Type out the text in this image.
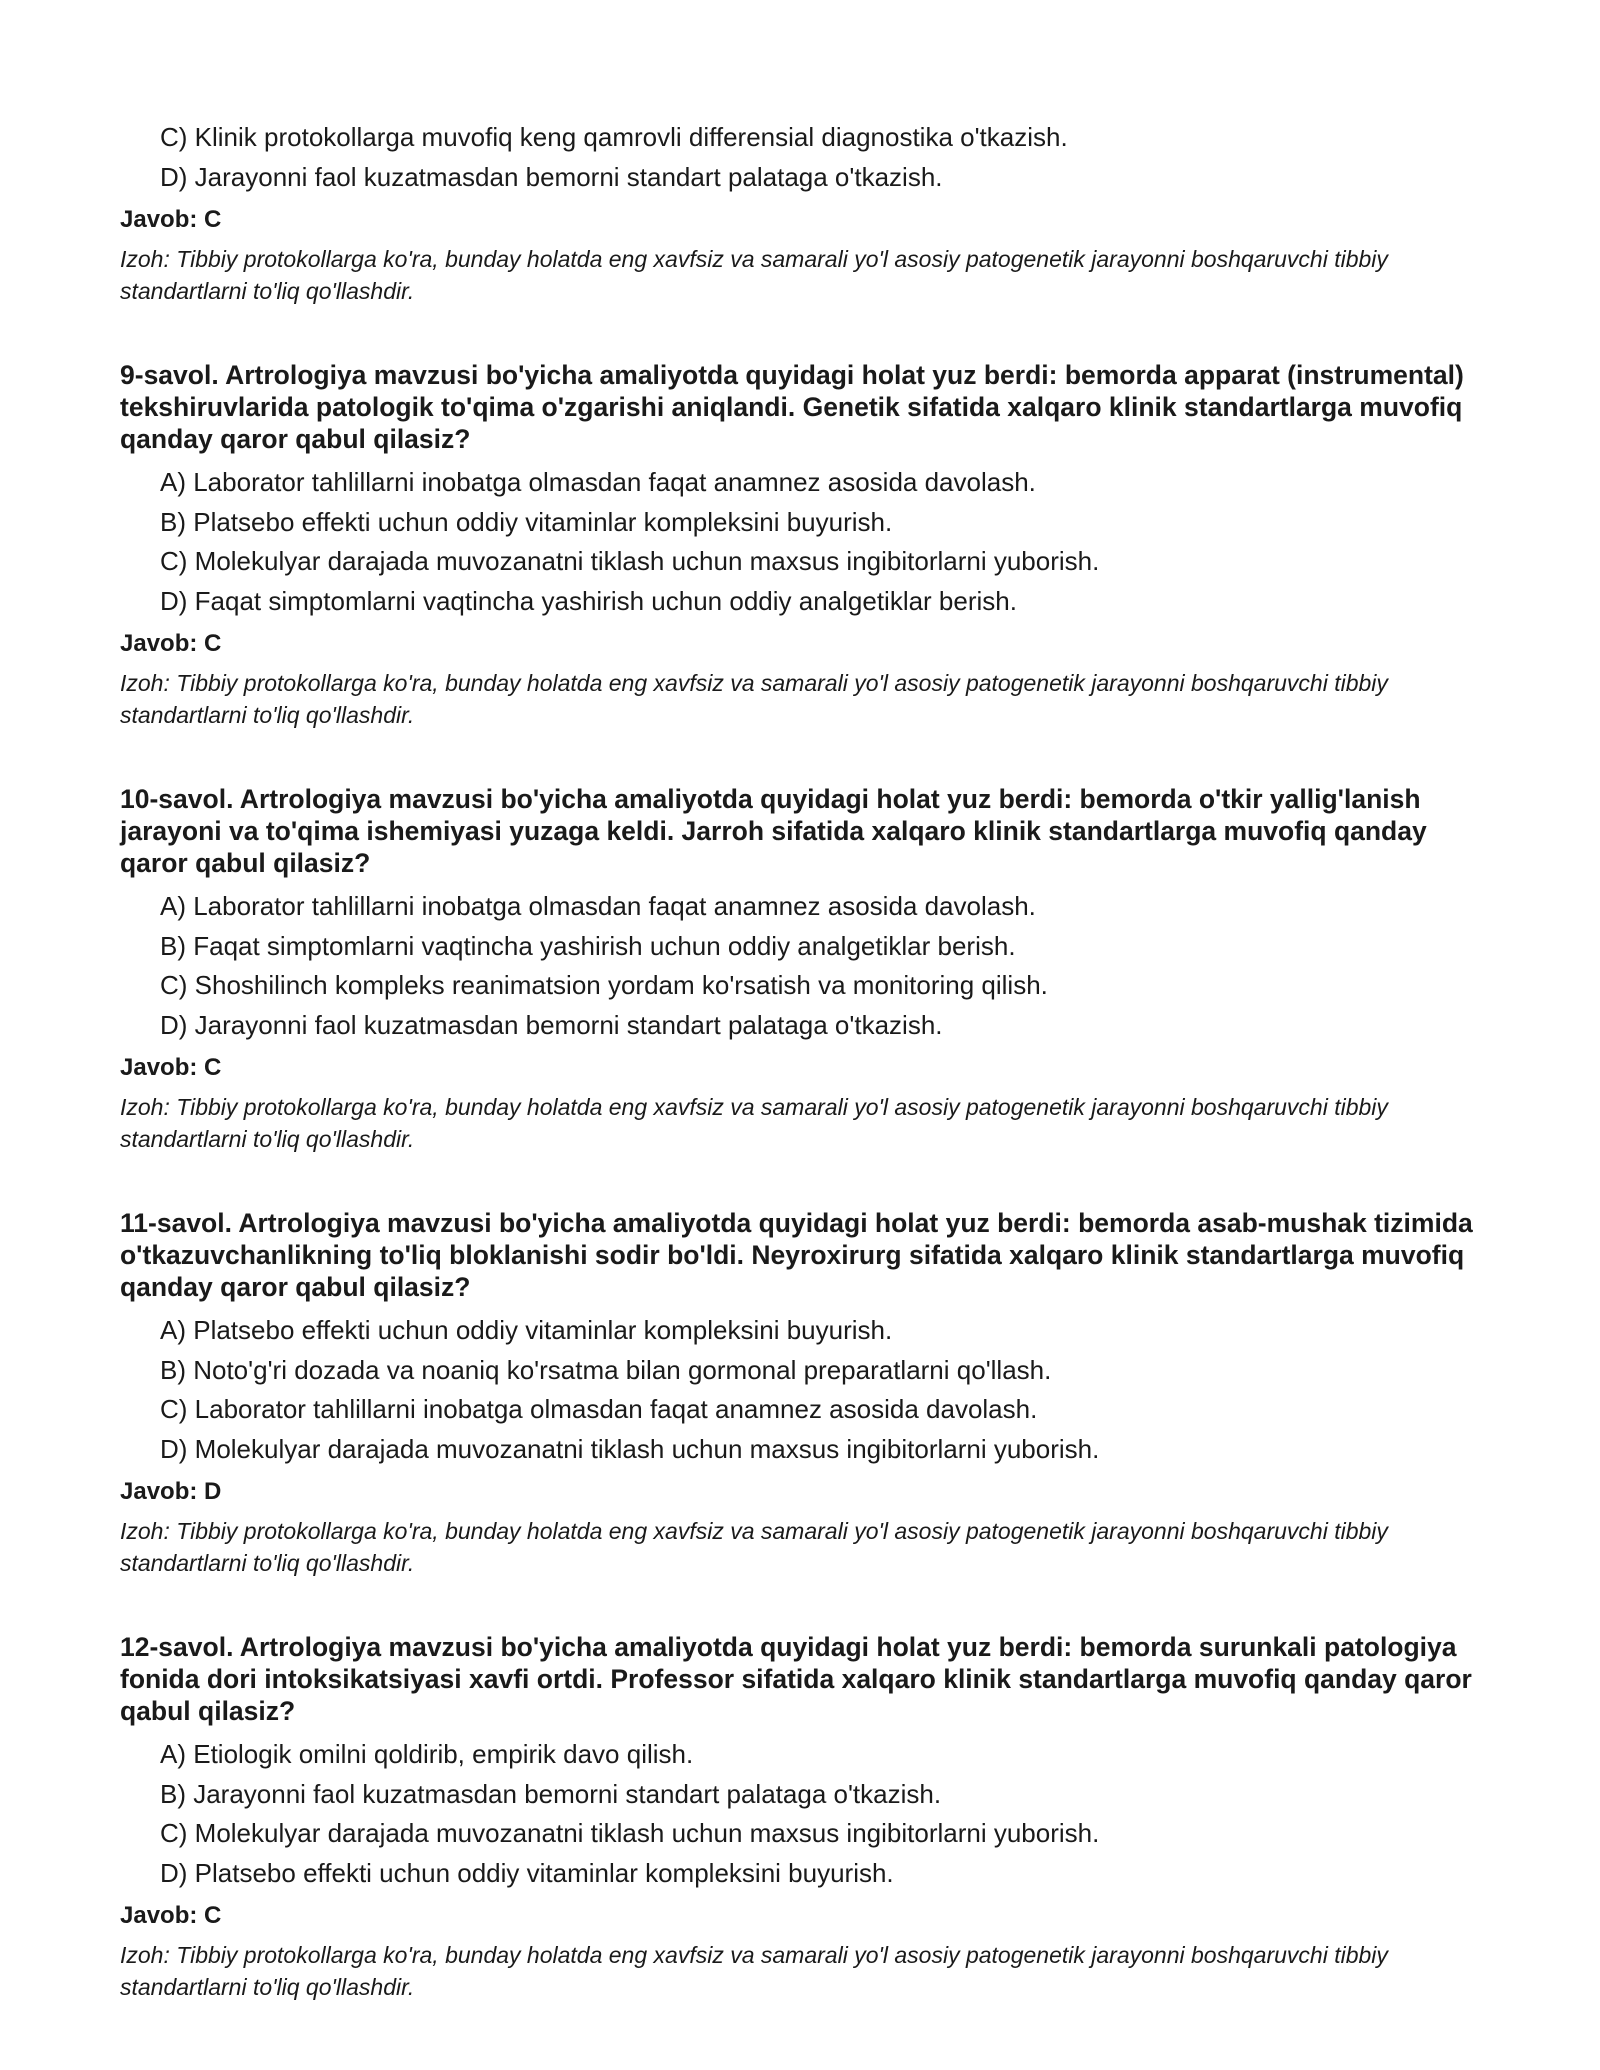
C) Klinik protokollarga muvofiq keng qamrovli differensial diagnostika o'tkazish.

D) Jarayonni faol kuzatmasdan bemorni standart palataga o'tkazish.

Javob: C

Izoh: Tibbiy protokollarga ko'ra, bunday holatda eng xavfsiz va samarali yo'l asosiy patogenetik jarayonni boshqaruvchi tibbiy standartlarni to'liq qo'llashdir.

9-savol. Artrologiya mavzusi bo'yicha amaliyotda quyidagi holat yuz berdi: bemorda apparat (instrumental) tekshiruvlarida patologik to'qima o'zgarishi aniqlandi. Genetik sifatida xalqaro klinik standartlarga muvofiq qanday qaror qabul qilasiz?

A) Laborator tahlillarni inobatga olmasdan faqat anamnez asosida davolash.

B) Platsebo effekti uchun oddiy vitaminlar kompleksini buyurish.

C) Molekulyar darajada muvozanatni tiklash uchun maxsus ingibitorlarni yuborish.

D) Faqat simptomlarni vaqtincha yashirish uchun oddiy analgetiklar berish.

Javob: C

Izoh: Tibbiy protokollarga ko'ra, bunday holatda eng xavfsiz va samarali yo'l asosiy patogenetik jarayonni boshqaruvchi tibbiy standartlarni to'liq qo'llashdir.

10-savol. Artrologiya mavzusi bo'yicha amaliyotda quyidagi holat yuz berdi: bemorda o'tkir yallig'lanish jarayoni va to'qima ishemiyasi yuzaga keldi. Jarroh sifatida xalqaro klinik standartlarga muvofiq qanday qaror qabul qilasiz?

A) Laborator tahlillarni inobatga olmasdan faqat anamnez asosida davolash.

B) Faqat simptomlarni vaqtincha yashirish uchun oddiy analgetiklar berish.

C) Shoshilinch kompleks reanimatsion yordam ko'rsatish va monitoring qilish.

D) Jarayonni faol kuzatmasdan bemorni standart palataga o'tkazish.

Javob: C

Izoh: Tibbiy protokollarga ko'ra, bunday holatda eng xavfsiz va samarali yo'l asosiy patogenetik jarayonni boshqaruvchi tibbiy standartlarni to'liq qo'llashdir.

11-savol. Artrologiya mavzusi bo'yicha amaliyotda quyidagi holat yuz berdi: bemorda asab-mushak tizimida o'tkazuvchanlikning to'liq bloklanishi sodir bo'ldi. Neyroxirurg sifatida xalqaro klinik standartlarga muvofiq qanday qaror qabul qilasiz?

A) Platsebo effekti uchun oddiy vitaminlar kompleksini buyurish.

B) Noto'g'ri dozada va noaniq ko'rsatma bilan gormonal preparatlarni qo'llash.

C) Laborator tahlillarni inobatga olmasdan faqat anamnez asosida davolash.

D) Molekulyar darajada muvozanatni tiklash uchun maxsus ingibitorlarni yuborish.

Javob: D

Izoh: Tibbiy protokollarga ko'ra, bunday holatda eng xavfsiz va samarali yo'l asosiy patogenetik jarayonni boshqaruvchi tibbiy standartlarni to'liq qo'llashdir.

12-savol. Artrologiya mavzusi bo'yicha amaliyotda quyidagi holat yuz berdi: bemorda surunkali patologiya fonida dori intoksikatsiyasi xavfi ortdi. Professor sifatida xalqaro klinik standartlarga muvofiq qanday qaror qabul qilasiz?

A) Etiologik omilni qoldirib, empirik davo qilish.

B) Jarayonni faol kuzatmasdan bemorni standart palataga o'tkazish.

C) Molekulyar darajada muvozanatni tiklash uchun maxsus ingibitorlarni yuborish.

D) Platsebo effekti uchun oddiy vitaminlar kompleksini buyurish.

Javob: C

Izoh: Tibbiy protokollarga ko'ra, bunday holatda eng xavfsiz va samarali yo'l asosiy patogenetik jarayonni boshqaruvchi tibbiy standartlarni to'liq qo'llashdir.
